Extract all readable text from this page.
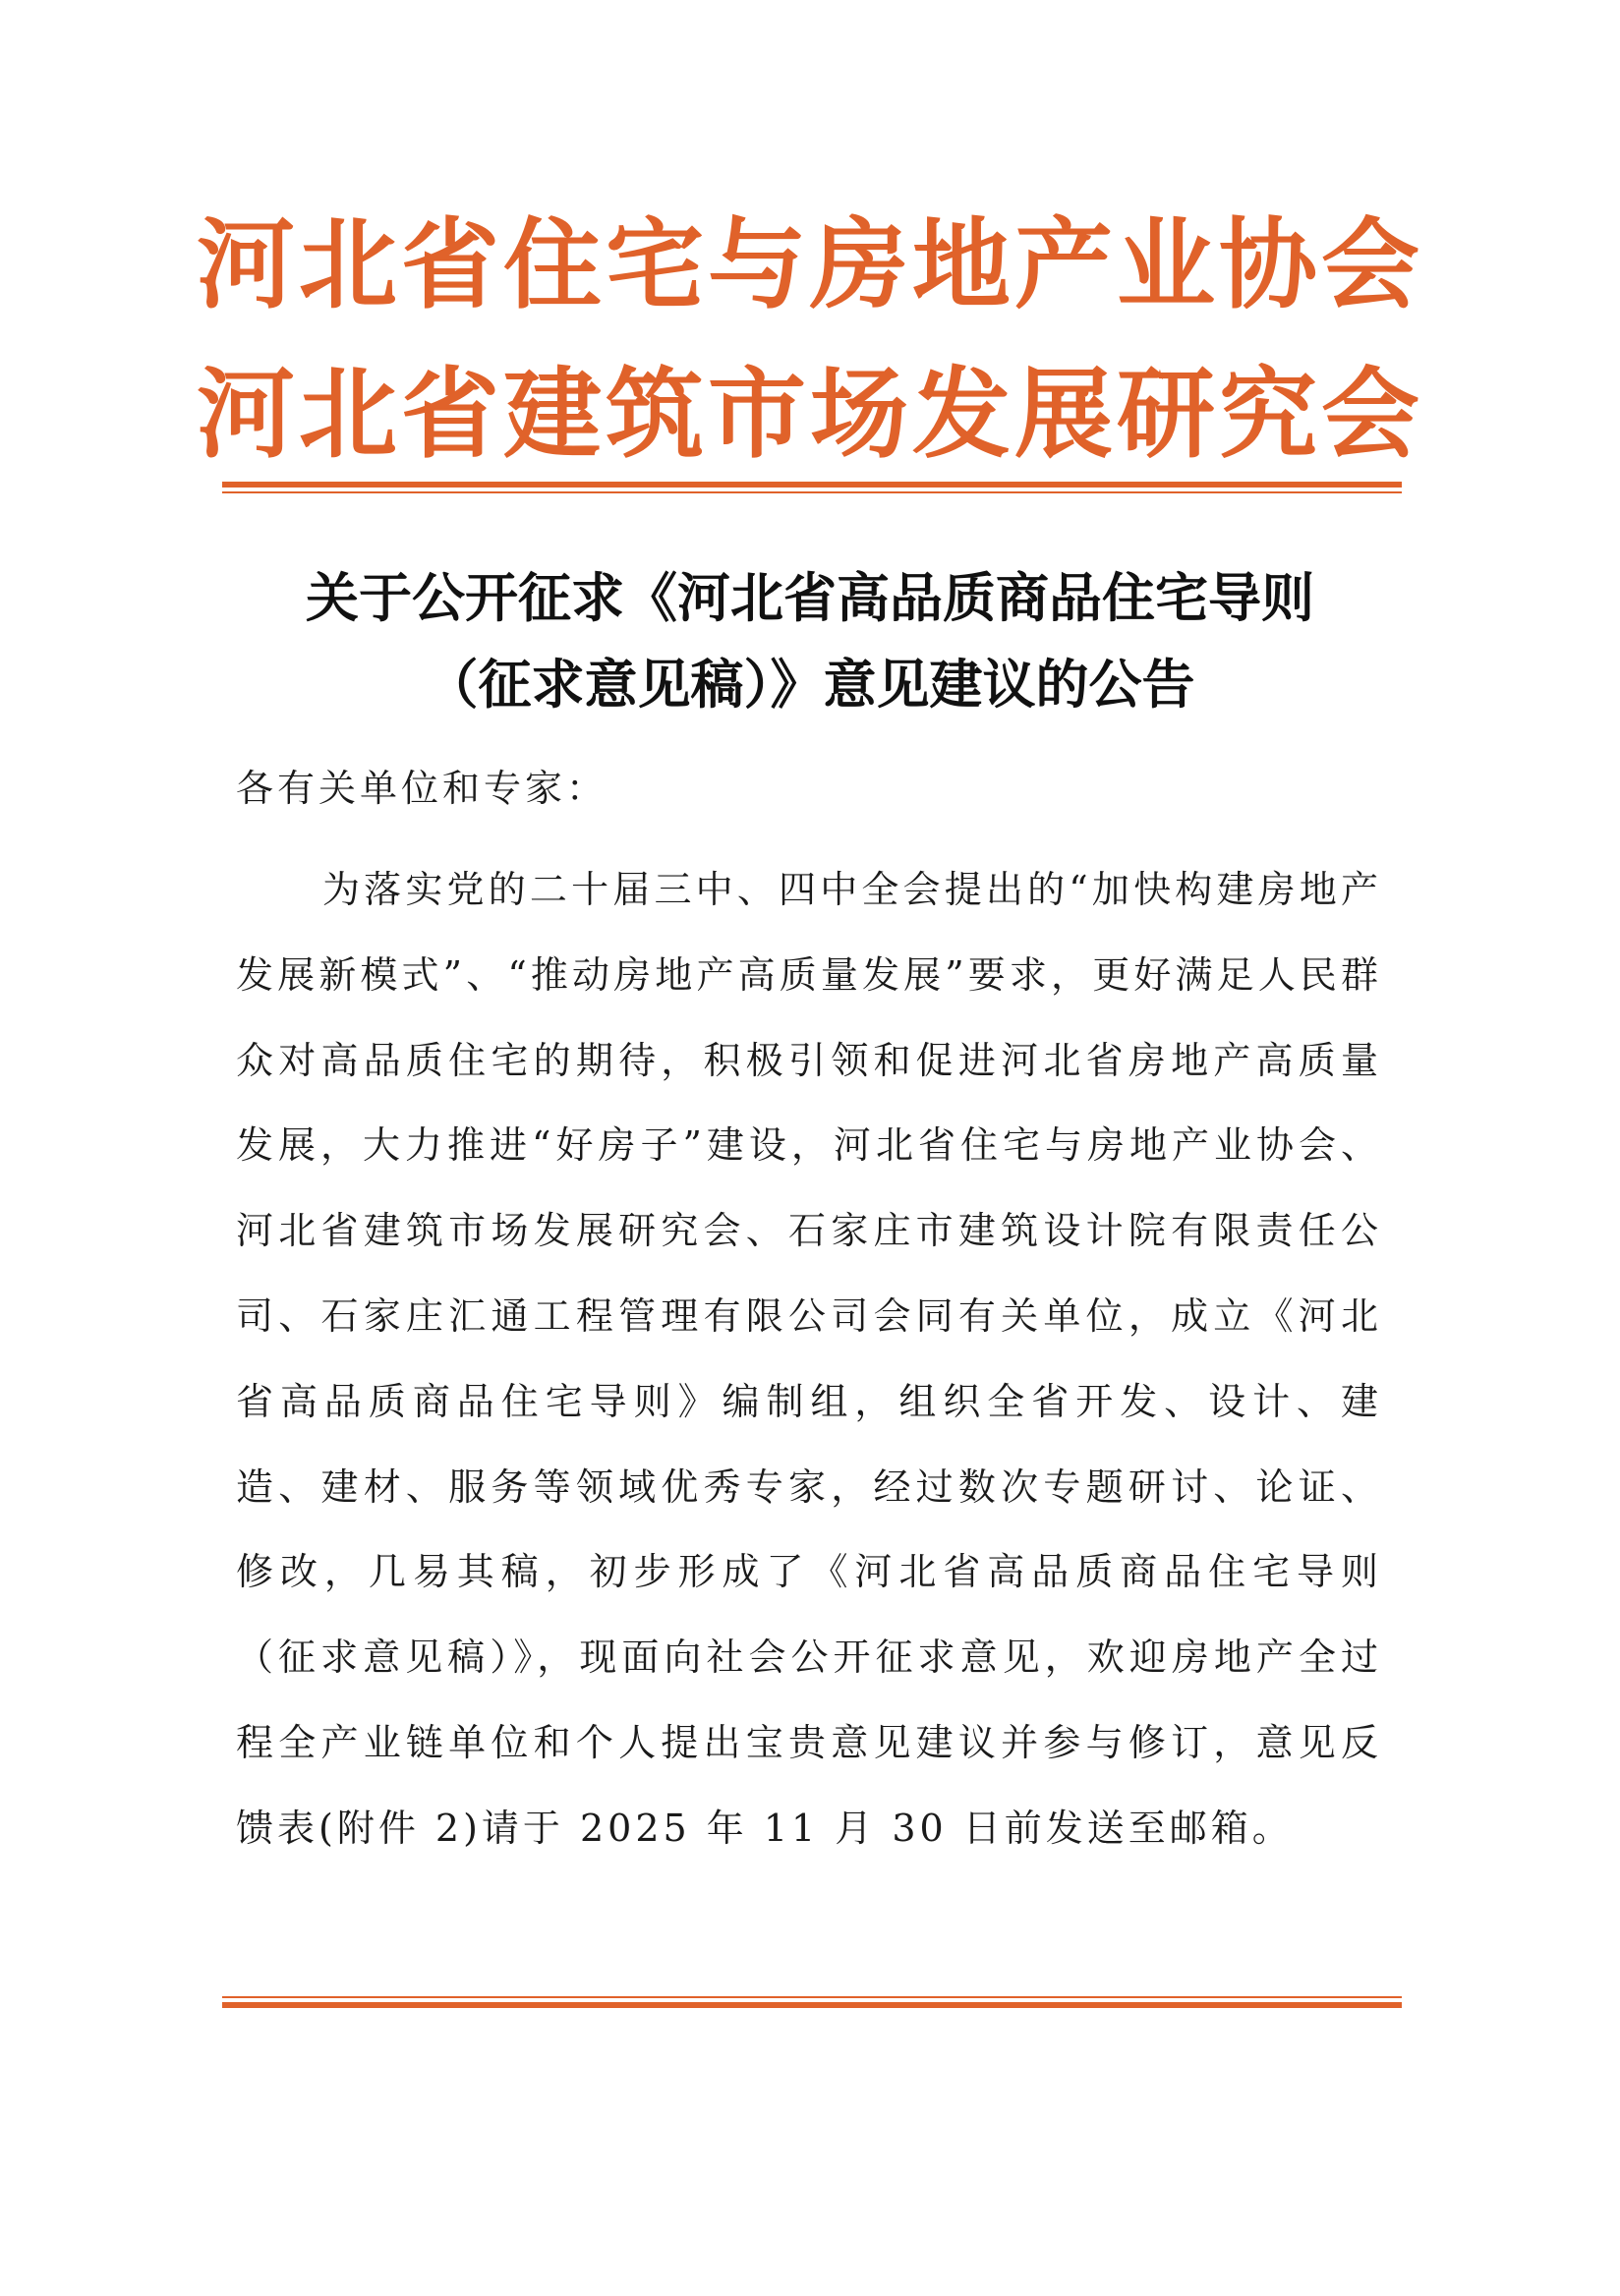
河北省住宅与房地产业协会
河北省建筑市场发展研究会
关于公开征求《河北省高品质商品住宅导则
（征求意见稿）》意见建议的公告
各有关单位和专家：

为落实党的二十届三中、四中全会提出的“加快构建房地产发展新模式”、“推动房地产高质量发展”要求，更好满足人民群众对高品质住宅的期待，积极引领和促进河北省房地产高质量发展，大力推进“好房子”建设，河北省住宅与房地产业协会、河北省建筑市场发展研究会、石家庄市建筑设计院有限责任公司、石家庄汇通工程管理有限公司会同有关单位，成立《河北省高品质商品住宅导则》编制组，组织全省开发、设计、建造、建材、服务等领域优秀专家，经过数次专题研讨、论证、修改，几易其稿，初步形成了《河北省高品质商品住宅导则（征求意见稿）》，现面向社会公开征求意见，欢迎房地产全过程全产业链单位和个人提出宝贵意见建议并参与修订，意见反馈表(附件 2)请于 2025 年 11 月 30 日前发送至邮箱。
